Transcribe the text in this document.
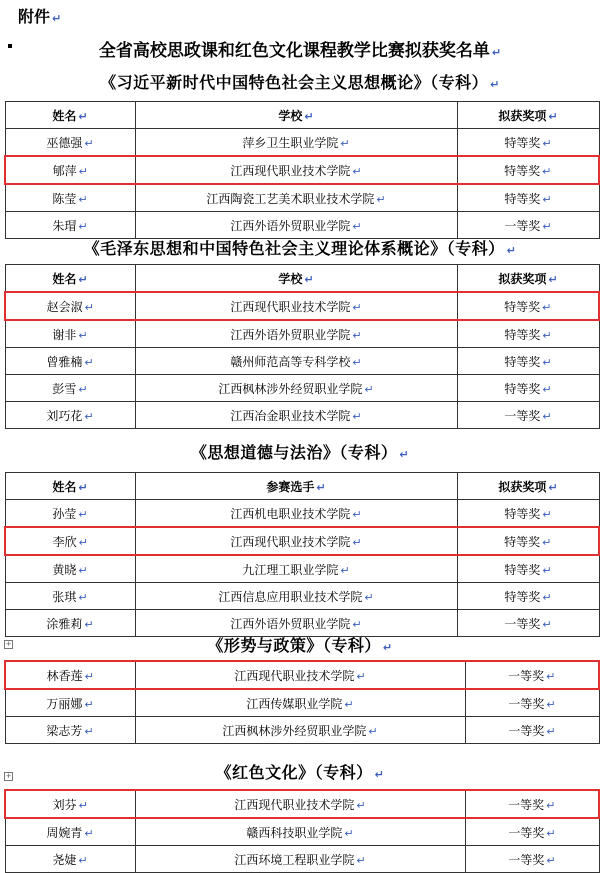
附件 ↵
全省高校思政课和红色文化课程教学比赛拟获奖名单 ↵
《习近平新时代中国特色社会主义思想概论》（专科） ↵
姓名 ↵	学校 ↵	拟获奖项 ↵
巫德强 ↵	萍乡卫生职业学院 ↵	特等奖 ↵
郇萍 ↵	江西现代职业技术学院 ↵	特等奖 ↵
陈莹 ↵	江西陶瓷工艺美术职业技术学院 ↵	特等奖 ↵
朱瑁 ↵	江西外语外贸职业学院 ↵	一等奖 ↵
《毛泽东思想和中国特色社会主义理论体系概论》（专科） ↵
姓名 ↵	学校 ↵	拟获奖项 ↵
赵会淑 ↵	江西现代职业技术学院 ↵	特等奖 ↵
谢非 ↵	江西外语外贸职业学院 ↵	特等奖 ↵
曾雅楠 ↵	赣州师范高等专科学校 ↵	特等奖 ↵
彭雪 ↵	江西枫林涉外经贸职业学院 ↵	特等奖 ↵
刘巧花 ↵	江西冶金职业技术学院 ↵	一等奖 ↵
《思想道德与法治》（专科） ↵
姓名 ↵	参赛选手 ↵	拟获奖项 ↵
孙莹 ↵	江西机电职业技术学院 ↵	特等奖 ↵
李欣 ↵	江西现代职业技术学院 ↵	特等奖 ↵
黄晓 ↵	九江理工职业学院 ↵	特等奖 ↵
张琪 ↵	江西信息应用职业技术学院 ↵	特等奖 ↵
涂雅莉 ↵	江西外语外贸职业学院 ↵	一等奖 ↵
+	《形势与政策》（专科） ↵
林香莲 ↵	江西现代职业技术学院 ↵	一等奖 ↵
万丽娜 ↵	江西传媒职业学院 ↵	一等奖 ↵
梁志芳 ↵	江西枫林涉外经贸职业学院 ↵	一等奖 ↵
+	《红色文化》（专科） ↵
刘芬 ↵	江西现代职业技术学院 ↵	一等奖 ↵
周婉青 ↵	赣西科技职业学院 ↵	一等奖 ↵
尧婕 ↵	江西环境工程职业学院 ↵	一等奖 ↵
